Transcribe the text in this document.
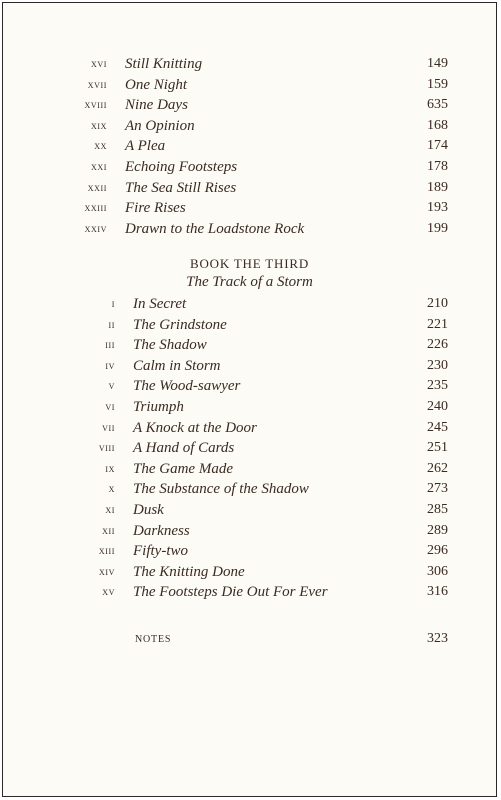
xvi Still Knitting	149
xvii One Night	159
xviii Nine Days	635
xix An Opinion	168
xx A Plea	174
xxi Echoing Footsteps	178
xxii The Sea Still Rises	189
xxiii Fire Rises	193
xxiv Drawn to the Loadstone Rock	199
BOOK THE THIRD
The Track of a Storm
i In Secret	210
ii The Grindstone	221
iii The Shadow	226
iv Calm in Storm	230
v The Wood-sawyer	235
vi Triumph	240
vii A Knock at the Door	245
viii A Hand of Cards	251
ix The Game Made	262
x The Substance of the Shadow	273
xi Dusk	285
xii Darkness	289
xiii Fifty-two	296
xiv The Knitting Done	306
xv The Footsteps Die Out For Ever	316
NOTES	323
